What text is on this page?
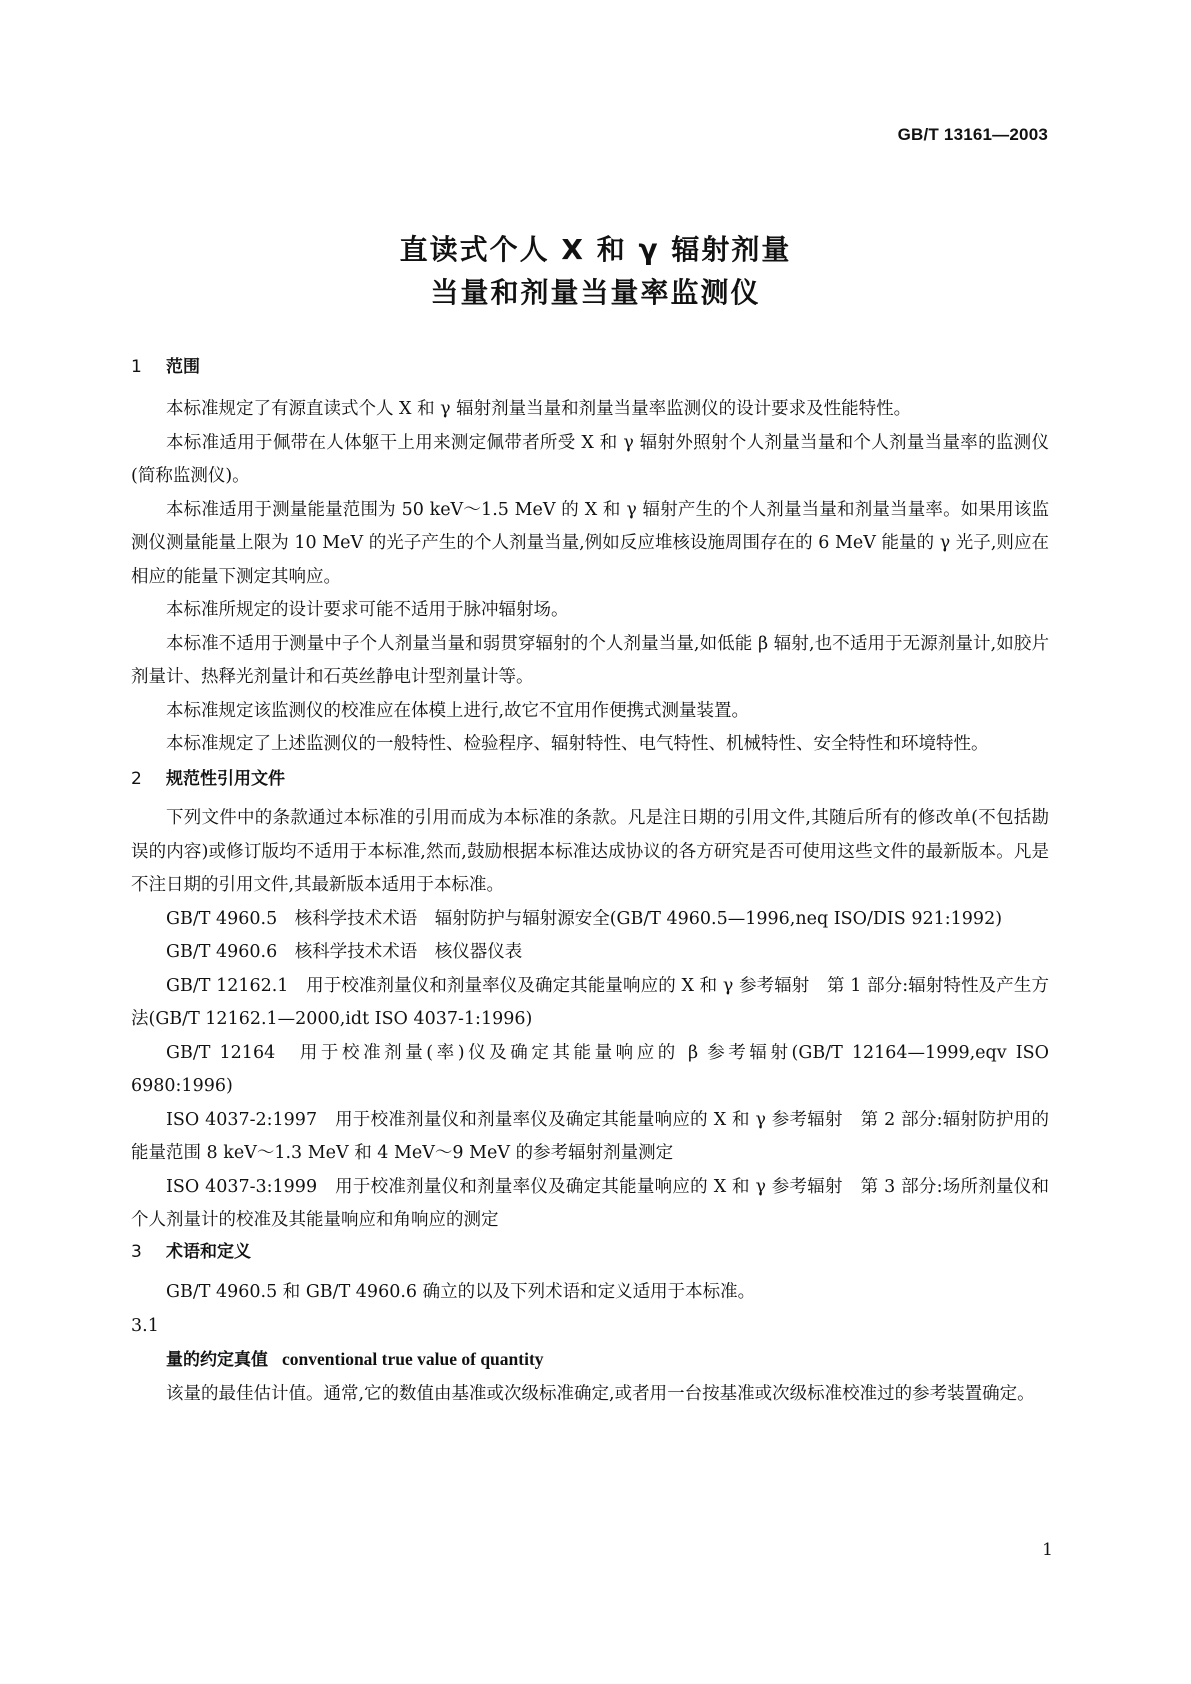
GB/T 13161—2003
直读式个人 X 和 γ 辐射剂量
当量和剂量当量率监测仪
1 范围

本标准规定了有源直读式个人 X 和 γ 辐射剂量当量和剂量当量率监测仪的设计要求及性能特性。

本标准适用于佩带在人体躯干上用来测定佩带者所受 X 和 γ 辐射外照射个人剂量当量和个人剂量当量率的监测仪(简称监测仪)。

本标准适用于测量能量范围为 50 keV～1.5 MeV 的 X 和 γ 辐射产生的个人剂量当量和剂量当量率。如果用该监测仪测量能量上限为 10 MeV 的光子产生的个人剂量当量,例如反应堆核设施周围存在的 6 MeV 能量的 γ 光子,则应在相应的能量下测定其响应。

本标准所规定的设计要求可能不适用于脉冲辐射场。

本标准不适用于测量中子个人剂量当量和弱贯穿辐射的个人剂量当量,如低能 β 辐射,也不适用于无源剂量计,如胶片剂量计、热释光剂量计和石英丝静电计型剂量计等。

本标准规定该监测仪的校准应在体模上进行,故它不宜用作便携式测量装置。

本标准规定了上述监测仪的一般特性、检验程序、辐射特性、电气特性、机械特性、安全特性和环境特性。

2 规范性引用文件

下列文件中的条款通过本标准的引用而成为本标准的条款。凡是注日期的引用文件,其随后所有的修改单(不包括勘误的内容)或修订版均不适用于本标准,然而,鼓励根据本标准达成协议的各方研究是否可使用这些文件的最新版本。凡是不注日期的引用文件,其最新版本适用于本标准。

GB/T 4960.5　核科学技术术语　辐射防护与辐射源安全(GB/T 4960.5—1996,neq ISO/DIS 921:1992)

GB/T 4960.6　核科学技术术语　核仪器仪表

GB/T 12162.1　用于校准剂量仪和剂量率仪及确定其能量响应的 X 和 γ 参考辐射　第 1 部分:辐射特性及产生方法(GB/T 12162.1—2000,idt ISO 4037-1:1996)

GB/T 12164　用于校准剂量(率)仪及确定其能量响应的 β 参考辐射(GB/T 12164—1999,eqv ISO 6980:1996)

ISO 4037-2:1997　用于校准剂量仪和剂量率仪及确定其能量响应的 X 和 γ 参考辐射　第 2 部分:辐射防护用的能量范围 8 keV～1.3 MeV 和 4 MeV～9 MeV 的参考辐射剂量测定

ISO 4037-3:1999　用于校准剂量仪和剂量率仪及确定其能量响应的 X 和 γ 参考辐射　第 3 部分:场所剂量仪和个人剂量计的校准及其能量响应和角响应的测定

3 术语和定义

GB/T 4960.5 和 GB/T 4960.6 确立的以及下列术语和定义适用于本标准。

3.1

量的约定真值 conventional true value of quantity

该量的最佳估计值。通常,它的数值由基准或次级标准确定,或者用一台按基准或次级标准校准过的参考装置确定。

1
